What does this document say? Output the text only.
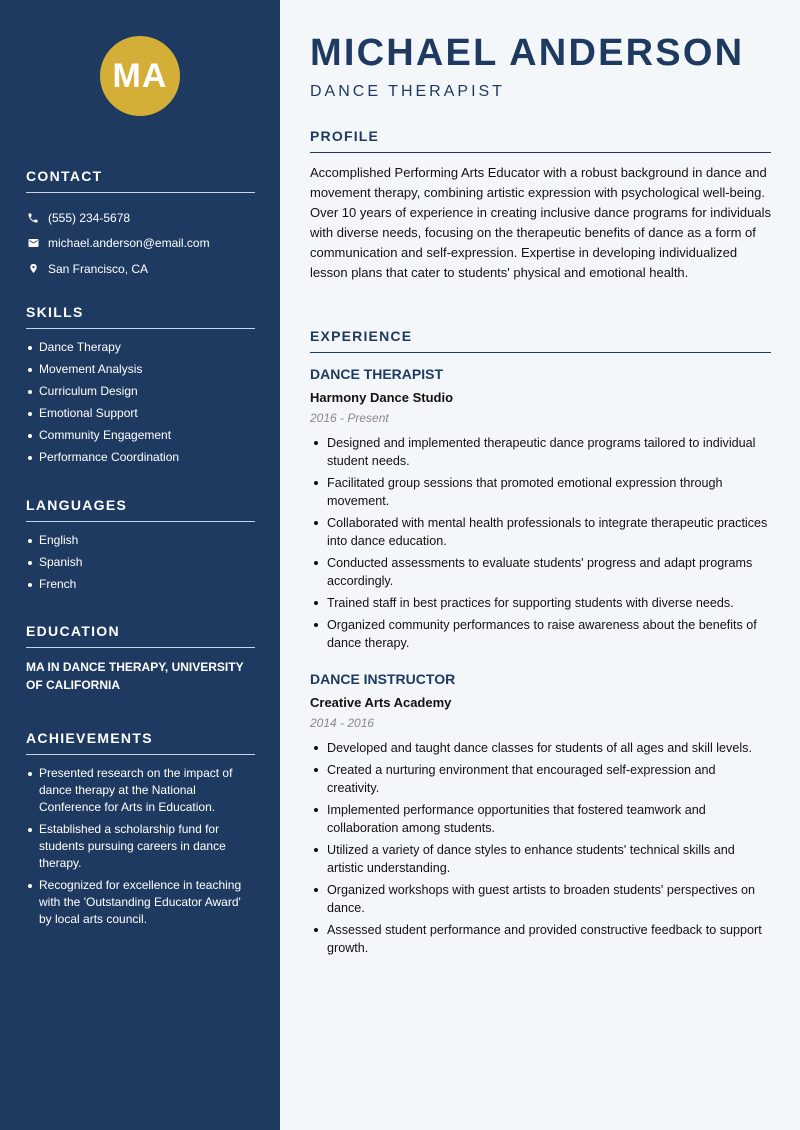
MA
CONTACT
(555) 234-5678
michael.anderson@email.com
San Francisco, CA
SKILLS
Dance Therapy
Movement Analysis
Curriculum Design
Emotional Support
Community Engagement
Performance Coordination
LANGUAGES
English
Spanish
French
EDUCATION

MA IN DANCE THERAPY, UNIVERSITY OF CALIFORNIA

ACHIEVEMENTS
Presented research on the impact of dance therapy at the National Conference for Arts in Education.
Established a scholarship fund for students pursuing careers in dance therapy.
Recognized for excellence in teaching with the 'Outstanding Educator Award' by local arts council.
MICHAEL ANDERSON
DANCE THERAPIST
PROFILE

Accomplished Performing Arts Educator with a robust background in dance and movement therapy, combining artistic expression with psychological well-being. Over 10 years of experience in creating inclusive dance programs for individuals with diverse needs, focusing on the therapeutic benefits of dance as a form of communication and self-expression. Expertise in developing individualized lesson plans that cater to students' physical and emotional health.

EXPERIENCE
DANCE THERAPIST
Harmony Dance Studio
2016 - Present
Designed and implemented therapeutic dance programs tailored to individual student needs.
Facilitated group sessions that promoted emotional expression through movement.
Collaborated with mental health professionals to integrate therapeutic practices into dance education.
Conducted assessments to evaluate students' progress and adapt programs accordingly.
Trained staff in best practices for supporting students with diverse needs.
Organized community performances to raise awareness about the benefits of dance therapy.
DANCE INSTRUCTOR
Creative Arts Academy
2014 - 2016
Developed and taught dance classes for students of all ages and skill levels.
Created a nurturing environment that encouraged self-expression and creativity.
Implemented performance opportunities that fostered teamwork and collaboration among students.
Utilized a variety of dance styles to enhance students' technical skills and artistic understanding.
Organized workshops with guest artists to broaden students' perspectives on dance.
Assessed student performance and provided constructive feedback to support growth.
